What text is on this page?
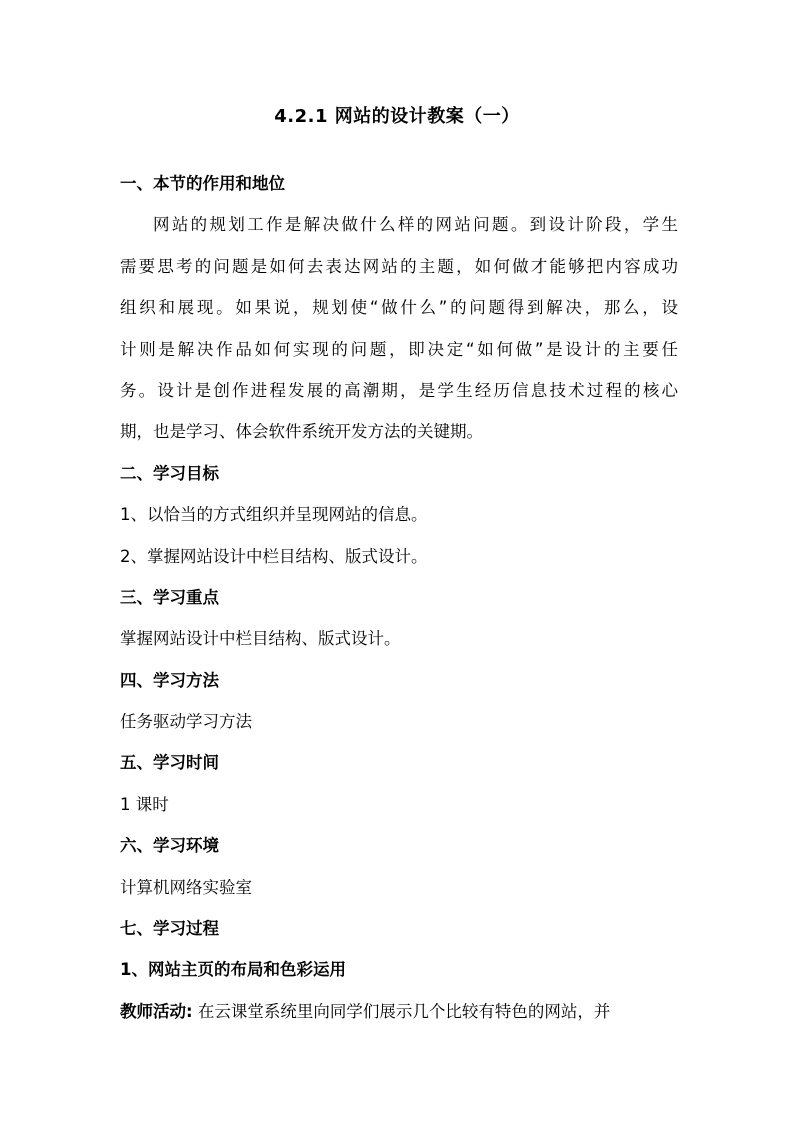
4.2.1 网站的设计教案（一）
一、本节的作用和地位
网站的规划工作是解决做什么样的网站问题。到设计阶段，学生
需要思考的问题是如何去表达网站的主题，如何做才能够把内容成功
组织和展现。如果说，规划使“做什么”的问题得到解决，那么，设
计则是解决作品如何实现的问题，即决定“如何做”是设计的主要任
务。设计是创作进程发展的高潮期，是学生经历信息技术过程的核心
期，也是学习、体会软件系统开发方法的关键期。
二、学习目标
1、以恰当的方式组织并呈现网站的信息。
2、掌握网站设计中栏目结构、版式设计。
三、学习重点
掌握网站设计中栏目结构、版式设计。
四、学习方法
任务驱动学习方法
五、学习时间
1 课时
六、学习环境
计算机网络实验室
七、学习过程
1、网站主页的布局和色彩运用
教师活动: 在云课堂系统里向同学们展示几个比较有特色的网站，并
